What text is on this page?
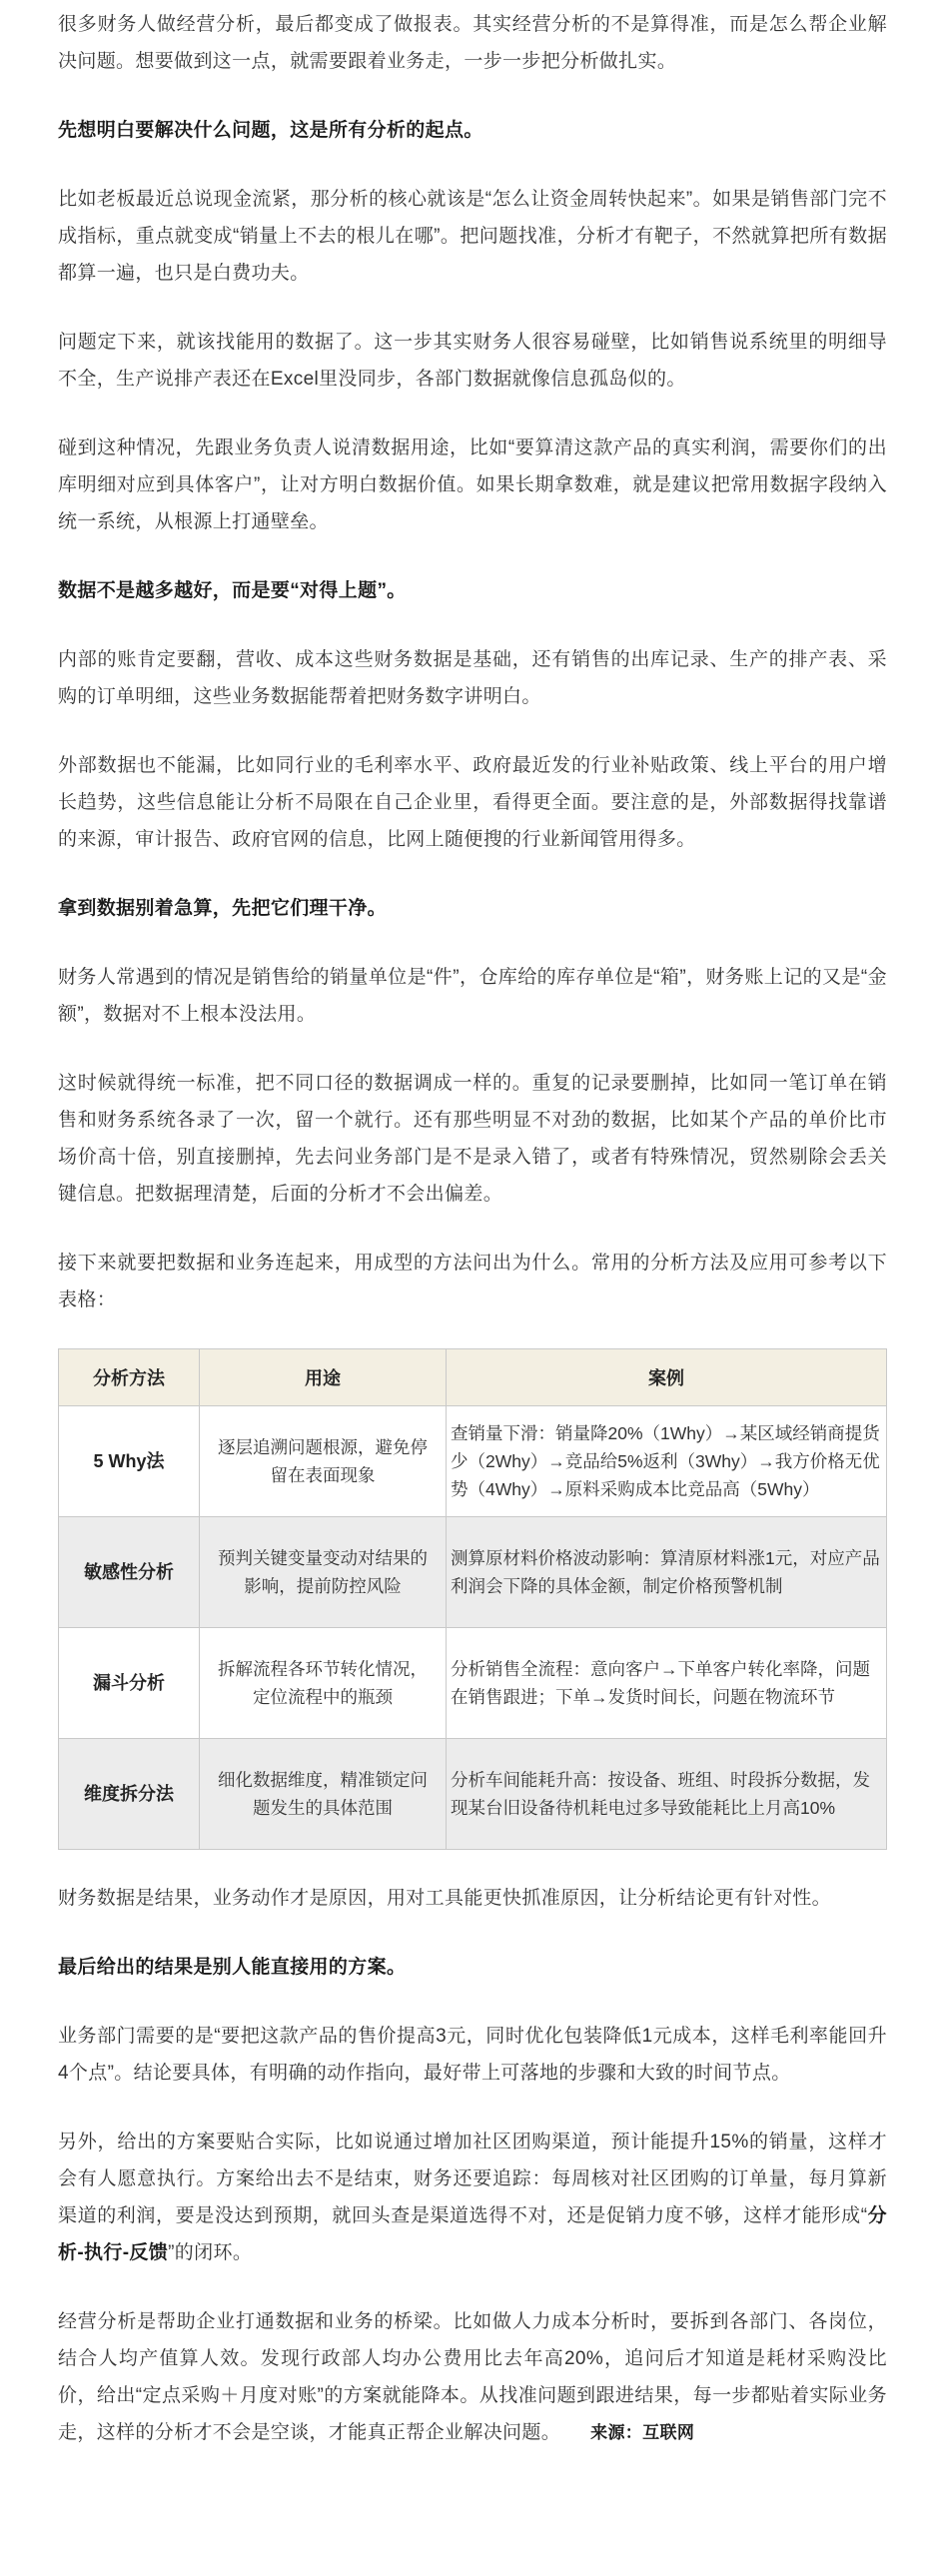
很多财务人做经营分析，最后都变成了做报表。其实经营分析的不是算得准，而是怎么帮企业解决问题。想要做到这一点，就需要跟着业务走，一步一步把分析做扎实。

先想明白要解决什么问题，这是所有分析的起点。

比如老板最近总说现金流紧，那分析的核心就该是“怎么让资金周转快起来”。如果是销售部门完不成指标，重点就变成“销量上不去的根儿在哪”。把问题找准，分析才有靶子，不然就算把所有数据都算一遍，也只是白费功夫。

问题定下来，就该找能用的数据了。这一步其实财务人很容易碰壁，比如销售说系统里的明细导不全，生产说排产表还在Excel里没同步，各部门数据就像信息孤岛似的。

碰到这种情况，先跟业务负责人说清数据用途，比如“要算清这款产品的真实利润，需要你们的出库明细对应到具体客户”，让对方明白数据价值。如果长期拿数难，就是建议把常用数据字段纳入统一系统，从根源上打通壁垒。

数据不是越多越好，而是要“对得上题”。

内部的账肯定要翻，营收、成本这些财务数据是基础，还有销售的出库记录、生产的排产表、采购的订单明细，这些业务数据能帮着把财务数字讲明白。

外部数据也不能漏，比如同行业的毛利率水平、政府最近发的行业补贴政策、线上平台的用户增长趋势，这些信息能让分析不局限在自己企业里，看得更全面。要注意的是，外部数据得找靠谱的来源，审计报告、政府官网的信息，比网上随便搜的行业新闻管用得多。

拿到数据别着急算，先把它们理干净。

财务人常遇到的情况是销售给的销量单位是“件”，仓库给的库存单位是“箱”，财务账上记的又是“金额”，数据对不上根本没法用。

这时候就得统一标准，把不同口径的数据调成一样的。重复的记录要删掉，比如同一笔订单在销售和财务系统各录了一次，留一个就行。还有那些明显不对劲的数据，比如某个产品的单价比市场价高十倍，别直接删掉，先去问业务部门是不是录入错了，或者有特殊情况，贸然剔除会丢关键信息。把数据理清楚，后面的分析才不会出偏差。

接下来就要把数据和业务连起来，用成型的方法问出为什么。常用的分析方法及应用可参考以下表格：

分析方法	用途	案例
5 Why法	逐层追溯问题根源，避免停留在表面现象	查销量下滑：销量降20%（1Why）→某区域经销商提货少（2Why）→竞品给5%返利（3Why）→我方价格无优势（4Why）→原料采购成本比竞品高（5Why）
敏感性分析	预判关键变量变动对结果的影响，提前防控风险	测算原材料价格波动影响：算清原材料涨1元，对应产品利润会下降的具体金额，制定价格预警机制
漏斗分析	拆解流程各环节转化情况，定位流程中的瓶颈	分析销售全流程：意向客户→下单客户转化率降，问题在销售跟进；下单→发货时间长，问题在物流环节
维度拆分法	细化数据维度，精准锁定问题发生的具体范围	分析车间能耗升高：按设备、班组、时段拆分数据，发现某台旧设备待机耗电过多导致能耗比上月高10%

财务数据是结果，业务动作才是原因，用对工具能更快抓准原因，让分析结论更有针对性。

最后给出的结果是别人能直接用的方案。

业务部门需要的是“要把这款产品的售价提高3元，同时优化包装降低1元成本，这样毛利率能回升4个点”。结论要具体，有明确的动作指向，最好带上可落地的步骤和大致的时间节点。

另外，给出的方案要贴合实际，比如说通过增加社区团购渠道，预计能提升15%的销量，这样才会有人愿意执行。方案给出去不是结束，财务还要追踪：每周核对社区团购的订单量，每月算新渠道的利润，要是没达到预期，就回头查是渠道选得不对，还是促销力度不够，这样才能形成“分析-执行-反馈”的闭环。

经营分析是帮助企业打通数据和业务的桥梁。比如做人力成本分析时，要拆到各部门、各岗位，结合人均产值算人效。发现行政部人均办公费用比去年高20%，追问后才知道是耗材采购没比价，给出“定点采购＋月度对账”的方案就能降本。从找准问题到跟进结果，每一步都贴着实际业务走，这样的分析才不会是空谈，才能真正帮企业解决问题。 来源：互联网
